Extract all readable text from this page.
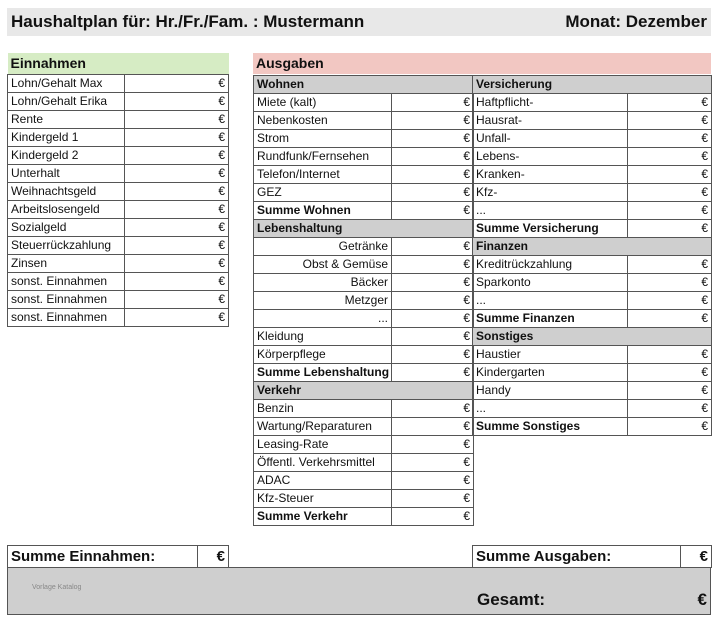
Haushaltplan für: Hr./Fr./Fam. : Mustermann	Monat: Dezember
Einnahmen	
Lohn/Gehalt Max	€
Lohn/Gehalt Erika	€
Rente	€
Kindergeld 1	€
Kindergeld 2	€
Unterhalt	€
Weihnachtsgeld	€
Arbeitslosengeld	€
Sozialgeld	€
Steuerrückzahlung	€
Zinsen	€
sonst. Einnahmen	€
sonst. Einnahmen	€
sonst. Einnahmen	€
Ausgaben
Wohnen	
Miete (kalt)	€
Nebenkosten	€
Strom	€
Rundfunk/Fernsehen	€
Telefon/Internet	€
GEZ	€
Summe Wohnen	€
Lebenshaltung	
Getränke	€
Obst & Gemüse	€
Bäcker	€
Metzger	€
...	€
Kleidung	€
Körperpflege	€
Summe Lebenshaltung	€
Verkehr	
Benzin	€
Wartung/Reparaturen	€
Leasing-Rate	€
Öffentl. Verkehrsmittel	€
ADAC	€
Kfz-Steuer	€
Summe Verkehr	€
Versicherung	
Haftpflicht-	€
Hausrat-	€
Unfall-	€
Lebens-	€
Kranken-	€
Kfz-	€
...	€
Summe Versicherung	€
Finanzen	
Kreditrückzahlung	€
Sparkonto	€
...	€
Summe Finanzen	€
Sonstiges	
Haustier	€
Kindergarten	€
Handy	€
...	€
Summe Sonstiges	€
Summe Einnahmen:	€	Summe Ausgaben:	€
Vorlage Katalog
Gesamt:	€
